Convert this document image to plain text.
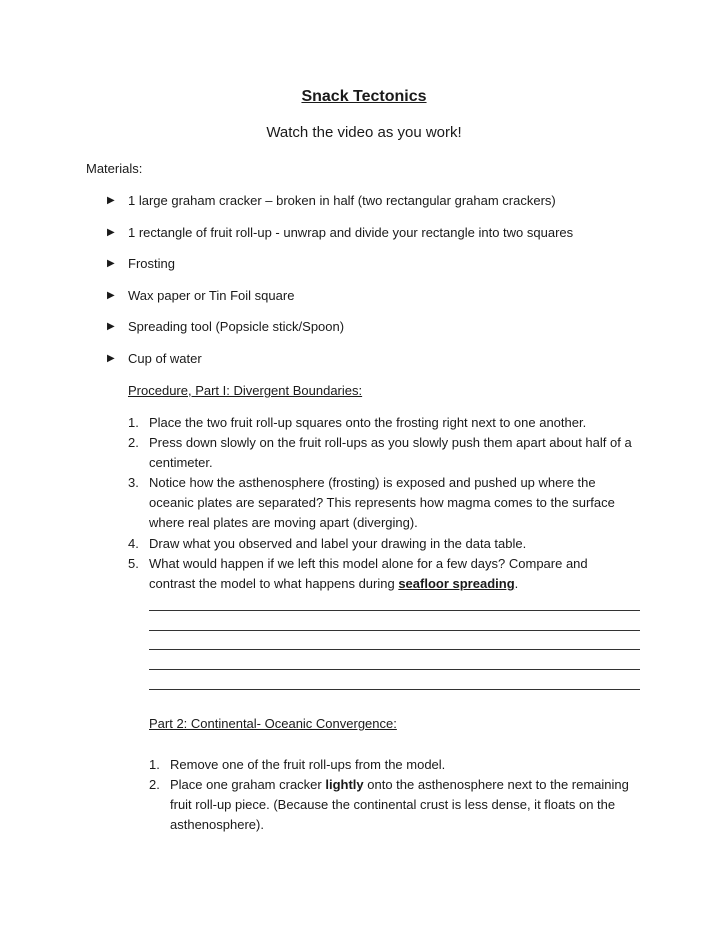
Snack Tectonics
Watch the video as you work!
Materials:
▶ 1 large graham cracker – broken in half (two rectangular graham crackers)
▶ 1 rectangle of fruit roll-up - unwrap and divide your rectangle into two squares
▶ Frosting
▶ Wax paper or Tin Foil square
▶ Spreading tool (Popsicle stick/Spoon)
▶ Cup of water
Procedure, Part I: Divergent Boundaries:
1. Place the two fruit roll-up squares onto the frosting right next to one another.
2. Press down slowly on the fruit roll-ups as you slowly push them apart about half of a centimeter.
3. Notice how the asthenosphere (frosting) is exposed and pushed up where the oceanic plates are separated? This represents how magma comes to the surface where real plates are moving apart (diverging).
4. Draw what you observed and label your drawing in the data table.
5. What would happen if we left this model alone for a few days? Compare and contrast the model to what happens during seafloor spreading.
Part 2: Continental- Oceanic Convergence:
1. Remove one of the fruit roll-ups from the model.
2. Place one graham cracker lightly onto the asthenosphere next to the remaining fruit roll-up piece. (Because the continental crust is less dense, it floats on the asthenosphere).
